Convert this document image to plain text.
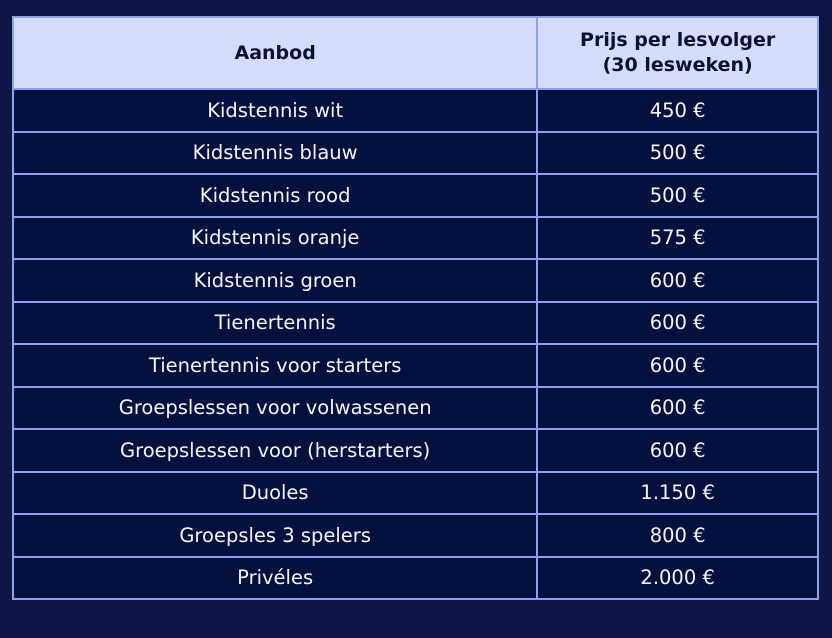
Aanbod	Prijs per lesvolger
(30 lesweken)
Kidstennis wit	450 €
Kidstennis blauw	500 €
Kidstennis rood	500 €
Kidstennis oranje	575 €
Kidstennis groen	600 €
Tienertennis	600 €
Tienertennis voor starters	600 €
Groepslessen voor volwassenen	600 €
Groepslessen voor (herstarters)	600 €
Duoles	1.150 €
Groepsles 3 spelers	800 €
Privéles	2.000 €
